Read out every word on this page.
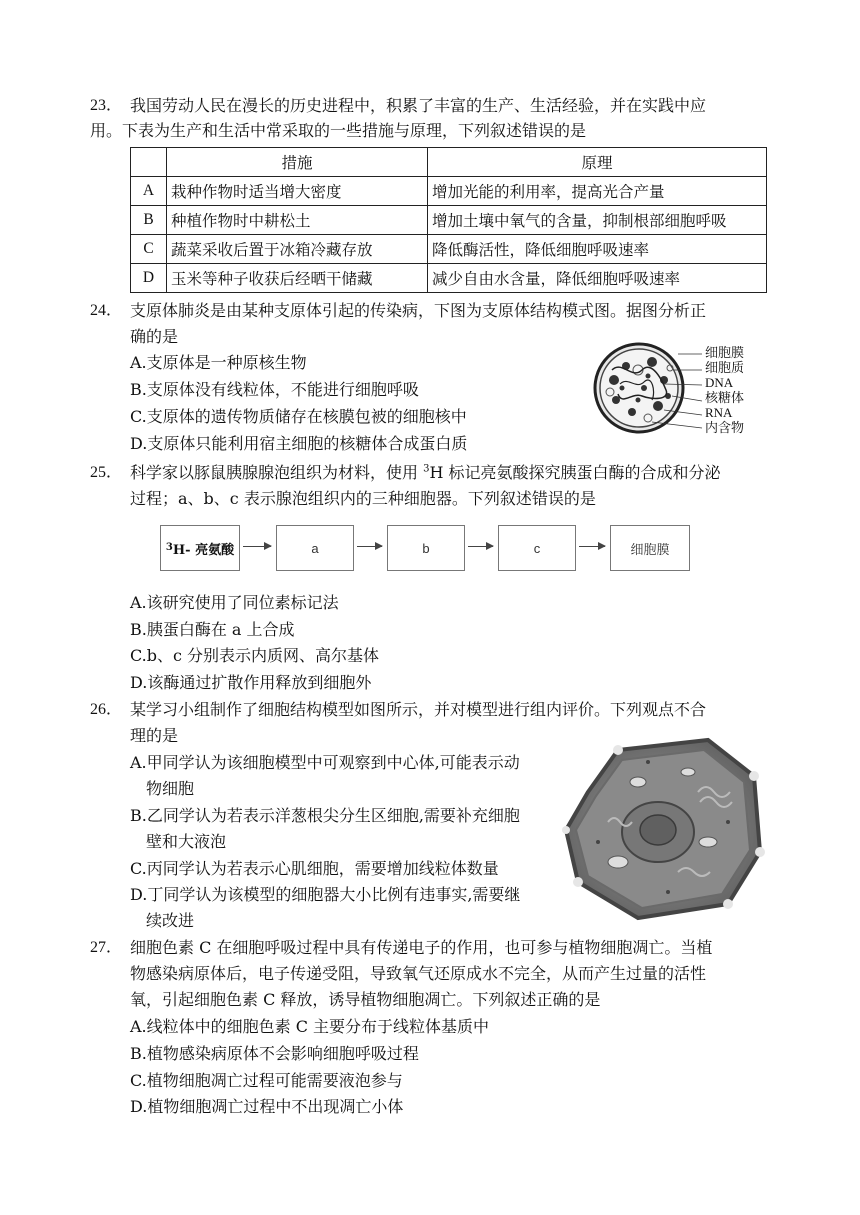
23． 我国劳动人民在漫长的历史进程中，积累了丰富的生产、生活经验，并在实践中应
用。下表为生产和生活中常采取的一些措施与原理，下列叙述错误的是
	措施	原理
A	栽种作物时适当增大密度	增加光能的利用率，提高光合产量
B	种植作物时中耕松土	增加土壤中氧气的含量，抑制根部细胞呼吸
C	蔬菜采收后置于冰箱冷藏存放	降低酶活性，降低细胞呼吸速率
D	玉米等种子收获后经晒干储藏	减少自由水含量，降低细胞呼吸速率
24． 支原体肺炎是由某种支原体引起的传染病，下图为支原体结构模式图。据图分析正
确的是
A.支原体是一种原核生物
B.支原体没有线粒体，不能进行细胞呼吸
C.支原体的遗传物质储存在核膜包被的细胞核中
D.支原体只能利用宿主细胞的核糖体合成蛋白质
细胞膜
细胞质
DNA
核糖体
RNA
内含物
25． 科学家以豚鼠胰腺腺泡组织为材料，使用 $^3$H 标记亮氨酸探究胰蛋白酶的合成和分泌
过程；a、b、c 表示腺泡组织内的三种细胞器。下列叙述错误的是
3 H- 亮氨酸	a	b	c	细胞膜
A.该研究使用了同位素标记法
B.胰蛋白酶在 a 上合成
C.b、c 分别表示内质网、高尔基体
D.该酶通过扩散作用释放到细胞外
26． 某学习小组制作了细胞结构模型如图所示，并对模型进行组内评价。下列观点不合
理的是
A.甲同学认为该细胞模型中可观察到中心体,可能表示动
物细胞
B.乙同学认为若表示洋葱根尖分生区细胞,需要补充细胞
壁和大液泡
C.丙同学认为若表示心肌细胞，需要增加线粒体数量
D.丁同学认为该模型的细胞器大小比例有违事实,需要继
续改进
27． 细胞色素 C 在细胞呼吸过程中具有传递电子的作用，也可参与植物细胞凋亡。当植
物感染病原体后，电子传递受阻，导致氧气还原成水不完全，从而产生过量的活性
氧，引起细胞色素 C 释放，诱导植物细胞凋亡。下列叙述正确的是
A.线粒体中的细胞色素 C 主要分布于线粒体基质中
B.植物感染病原体不会影响细胞呼吸过程
C.植物细胞凋亡过程可能需要液泡参与
D.植物细胞凋亡过程中不出现凋亡小体
